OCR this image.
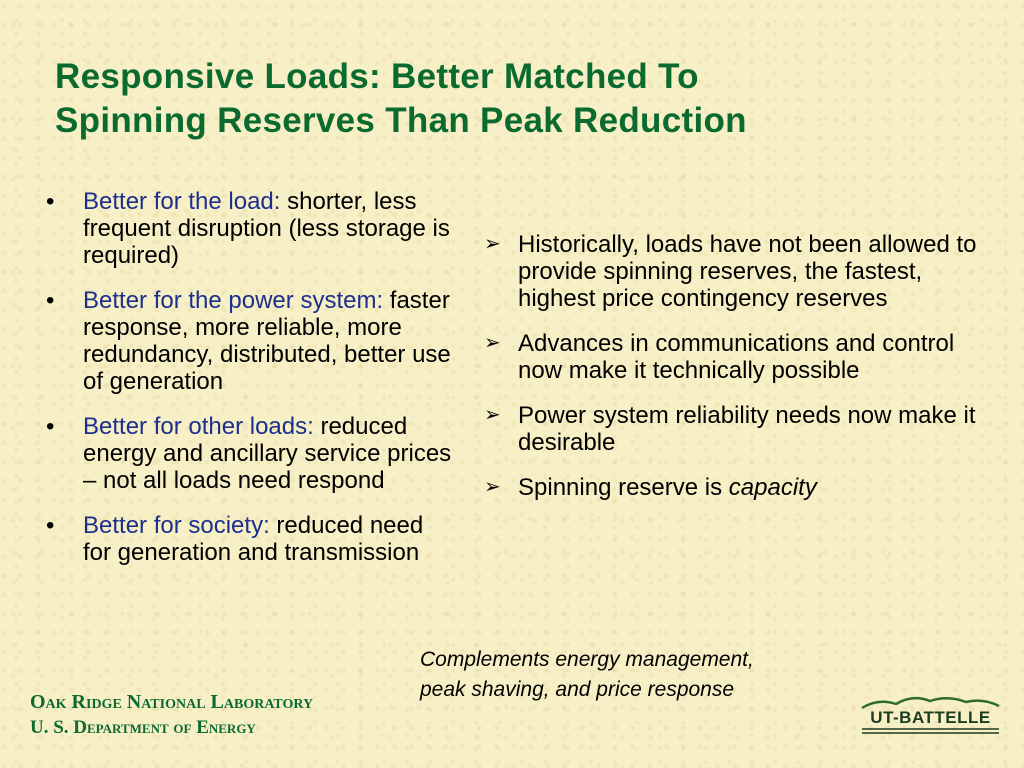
Responsive Loads: Better Matched To
Spinning Reserves Than Peak Reduction
• Better for the load: shorter, less frequent disruption (less storage is required)
• Better for the power system: faster response, more reliable, more redundancy, distributed, better use of generation
• Better for other loads: reduced energy and ancillary service prices – not all loads need respond
• Better for society: reduced need for generation and transmission
➢ Historically, loads have not been allowed to provide spinning reserves, the fastest, highest price contingency reserves
➢ Advances in communications and control now make it technically possible
➢ Power system reliability needs now make it desirable
➢ Spinning reserve is capacity
Complements energy management,
peak shaving, and price response
Oak Ridge National Laboratory
U. S. Department of Energy	UT-BATTELLE
